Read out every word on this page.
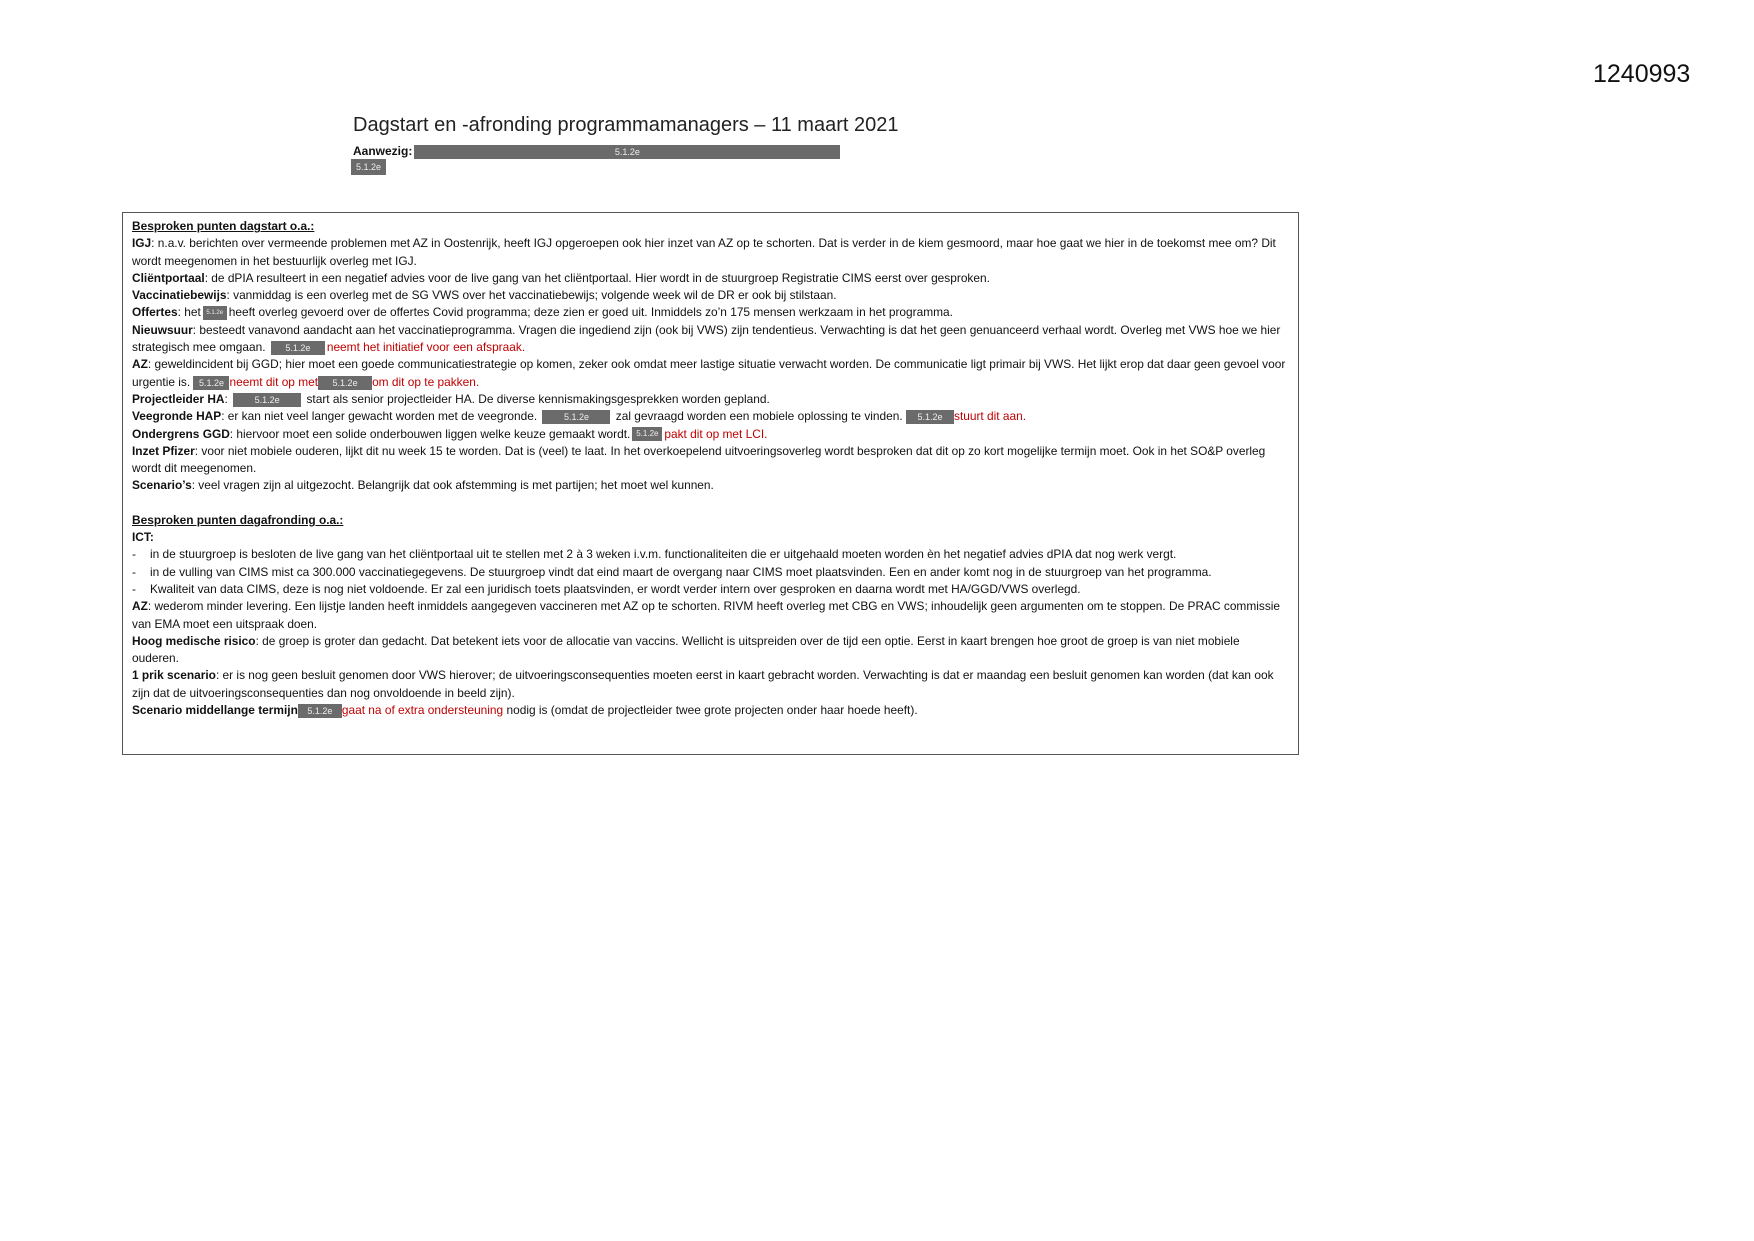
1240993
Dagstart en -afronding programmamanagers – 11 maart 2021
Aanwezig:	5.1.2e
5.1.2e

Besproken punten dagstart o.a.:

IGJ: n.a.v. berichten over vermeende problemen met AZ in Oostenrijk, heeft IGJ opgeroepen ook hier inzet van AZ op te schorten. Dat is verder in de kiem gesmoord, maar hoe gaat we hier in de toekomst mee om? Dit wordt meegenomen in het bestuurlijk overleg met IGJ.

Cliëntportaal: de dPIA resulteert in een negatief advies voor de live gang van het cliëntportaal. Hier wordt in de stuurgroep Registratie CIMS eerst over gesproken.

Vaccinatiebewijs: vanmiddag is een overleg met de SG VWS over het vaccinatiebewijs; volgende week wil de DR er ook bij stilstaan.

Offertes: het 5.1.2e heeft overleg gevoerd over de offertes Covid programma; deze zien er goed uit. Inmiddels zo’n 175 mensen werkzaam in het programma.

Nieuwsuur: besteedt vanavond aandacht aan het vaccinatieprogramma. Vragen die ingediend zijn (ook bij VWS) zijn tendentieus. Verwachting is dat het geen genuanceerd verhaal wordt. Overleg met VWS hoe we hier strategisch mee omgaan. 5.1.2e neemt het initiatief voor een afspraak.

AZ: geweldincident bij GGD; hier moet een goede communicatiestrategie op komen, zeker ook omdat meer lastige situatie verwacht worden. De communicatie ligt primair bij VWS. Het lijkt erop dat daar geen gevoel voor urgentie is. 5.1.2e neemt dit op met 5.1.2e om dit op te pakken.

Projectleider HA:	5.1.2e start als senior projectleider HA. De diverse kennismakingsgesprekken worden gepland.

Veegronde HAP: er kan niet veel langer gewacht worden met de veegronde.	5.1.2e zal gevraagd worden een mobiele oplossing te vinden. 5.1.2e stuurt dit aan.

Ondergrens GGD: hiervoor moet een solide onderbouwen liggen welke keuze gemaakt wordt. 5.1.2e pakt dit op met LCI.

Inzet Pfizer: voor niet mobiele ouderen, lijkt dit nu week 15 te worden. Dat is (veel) te laat. In het overkoepelend uitvoeringsoverleg wordt besproken dat dit op zo kort mogelijke termijn moet. Ook in het SO&P overleg wordt dit meegenomen.

Scenario’s: veel vragen zijn al uitgezocht. Belangrijk dat ook afstemming is met partijen; het moet wel kunnen.

Besproken punten dagafronding o.a.:

ICT:

- in de stuurgroep is besloten de live gang van het cliëntportaal uit te stellen met 2 à 3 weken i.v.m. functionaliteiten die er uitgehaald moeten worden èn het negatief advies dPIA dat nog werk vergt.

- in de vulling van CIMS mist ca 300.000 vaccinatiegegevens. De stuurgroep vindt dat eind maart de overgang naar CIMS moet plaatsvinden. Een en ander komt nog in de stuurgroep van het programma.

- Kwaliteit van data CIMS, deze is nog niet voldoende. Er zal een juridisch toets plaatsvinden, er wordt verder intern over gesproken en daarna wordt met HA/GGD/VWS overlegd.

AZ: wederom minder levering. Een lijstje landen heeft inmiddels aangegeven vaccineren met AZ op te schorten. RIVM heeft overleg met CBG en VWS; inhoudelijk geen argumenten om te stoppen. De PRAC commissie van EMA moet een uitspraak doen.

Hoog medische risico: de groep is groter dan gedacht. Dat betekent iets voor de allocatie van vaccins. Wellicht is uitspreiden over de tijd een optie. Eerst in kaart brengen hoe groot de groep is van niet mobiele ouderen.

1 prik scenario: er is nog geen besluit genomen door VWS hierover; de uitvoeringsconsequenties moeten eerst in kaart gebracht worden. Verwachting is dat er maandag een besluit genomen kan worden (dat kan ook zijn dat de uitvoeringsconsequenties dan nog onvoldoende in beeld zijn).

Scenario middellange termijn 5.1.2e gaat na of extra ondersteuning nodig is (omdat de projectleider twee grote projecten onder haar hoede heeft).
